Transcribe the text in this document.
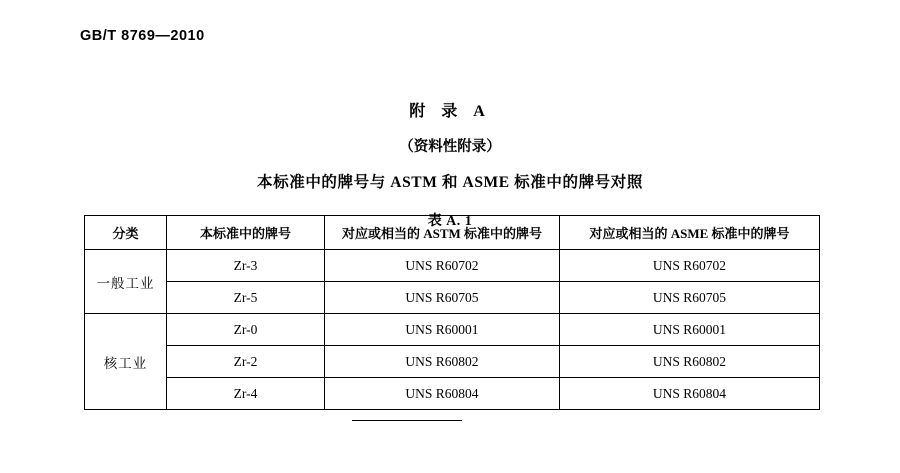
GB/T 8769—2010
附 录 A
（资料性附录）
本标准中的牌号与 ASTM 和 ASME 标准中的牌号对照
表 A. 1
分类	本标准中的牌号	对应或相当的 ASTM 标准中的牌号	对应或相当的 ASME 标准中的牌号
一般工业	Zr-3	UNS R60702	UNS R60702
	Zr-5	UNS R60705	UNS R60705
核工业	Zr-0	UNS R60001	UNS R60001
	Zr-2	UNS R60802	UNS R60802
	Zr-4	UNS R60804	UNS R60804
